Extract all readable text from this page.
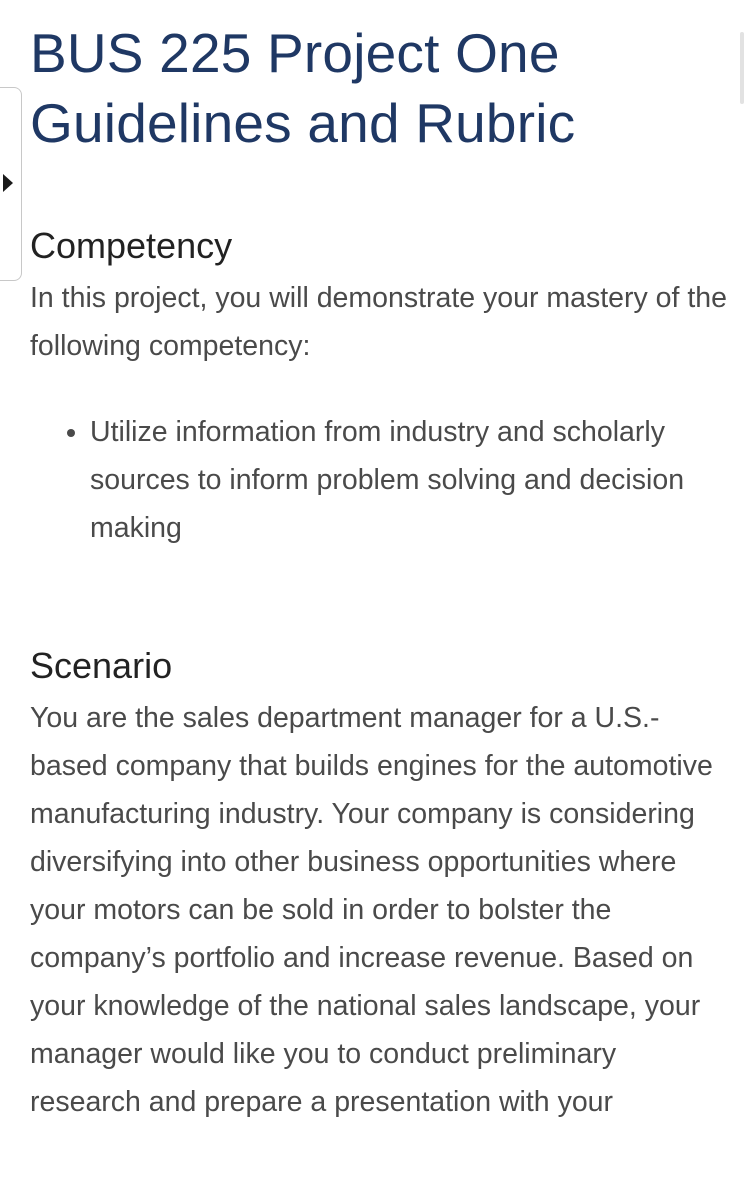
BUS 225 Project One Guidelines and Rubric
Competency

In this project, you will demonstrate your mastery of the following competency:

• Utilize information from industry and scholarly sources to inform problem solving and decision making
Scenario

You are the sales department manager for a U.S.-based company that builds engines for the automotive manufacturing industry. Your company is considering diversifying into other business opportunities where your motors can be sold in order to bolster the company’s portfolio and increase revenue. Based on your knowledge of the national sales landscape, your manager would like you to conduct preliminary research and prepare a presentation with your
